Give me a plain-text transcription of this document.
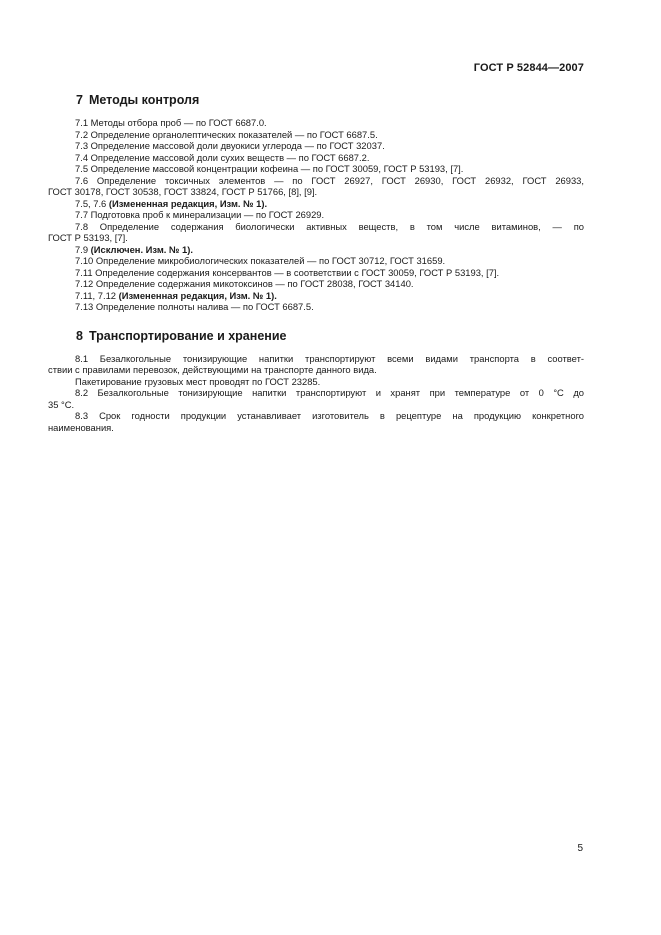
ГОСТ Р 52844—2007
7 Методы контроля

7.1 Методы отбора проб — по ГОСТ 6687.0.

7.2 Определение органолептических показателей — по ГОСТ 6687.5.

7.3 Определение массовой доли двуокиси углерода — по ГОСТ 32037.

7.4 Определение массовой доли сухих веществ — по ГОСТ 6687.2.

7.5 Определение массовой концентрации кофеина — по ГОСТ 30059, ГОСТ Р 53193, [7].

7.6 Определение токсичных элементов — по ГОСТ 26927, ГОСТ 26930, ГОСТ 26932, ГОСТ 26933,

ГОСТ 30178, ГОСТ 30538, ГОСТ 33824, ГОСТ Р 51766, [8], [9].

7.5, 7.6 (Измененная редакция, Изм. № 1).

7.7 Подготовка проб к минерализации — по ГОСТ 26929.

7.8 Определение содержания биологически активных веществ, в том числе витаминов, — по

ГОСТ Р 53193, [7].

7.9 (Исключен. Изм. № 1).

7.10 Определение микробиологических показателей — по ГОСТ 30712, ГОСТ 31659.

7.11 Определение содержания консервантов — в соответствии с ГОСТ 30059, ГОСТ Р 53193, [7].

7.12 Определение содержания микотоксинов — по ГОСТ 28038, ГОСТ 34140.

7.11, 7.12 (Измененная редакция, Изм. № 1).

7.13 Определение полноты налива — по ГОСТ 6687.5.

8 Транспортирование и хранение

8.1 Безалкогольные тонизирующие напитки транспортируют всеми видами транспорта в соответ-

ствии с правилами перевозок, действующими на транспорте данного вида.

Пакетирование грузовых мест проводят по ГОСТ 23285.

8.2 Безалкогольные тонизирующие напитки транспортируют и хранят при температуре от 0 °С до

35 °С.

8.3 Срок годности продукции устанавливает изготовитель в рецептуре на продукцию конкретного

наименования.

5
